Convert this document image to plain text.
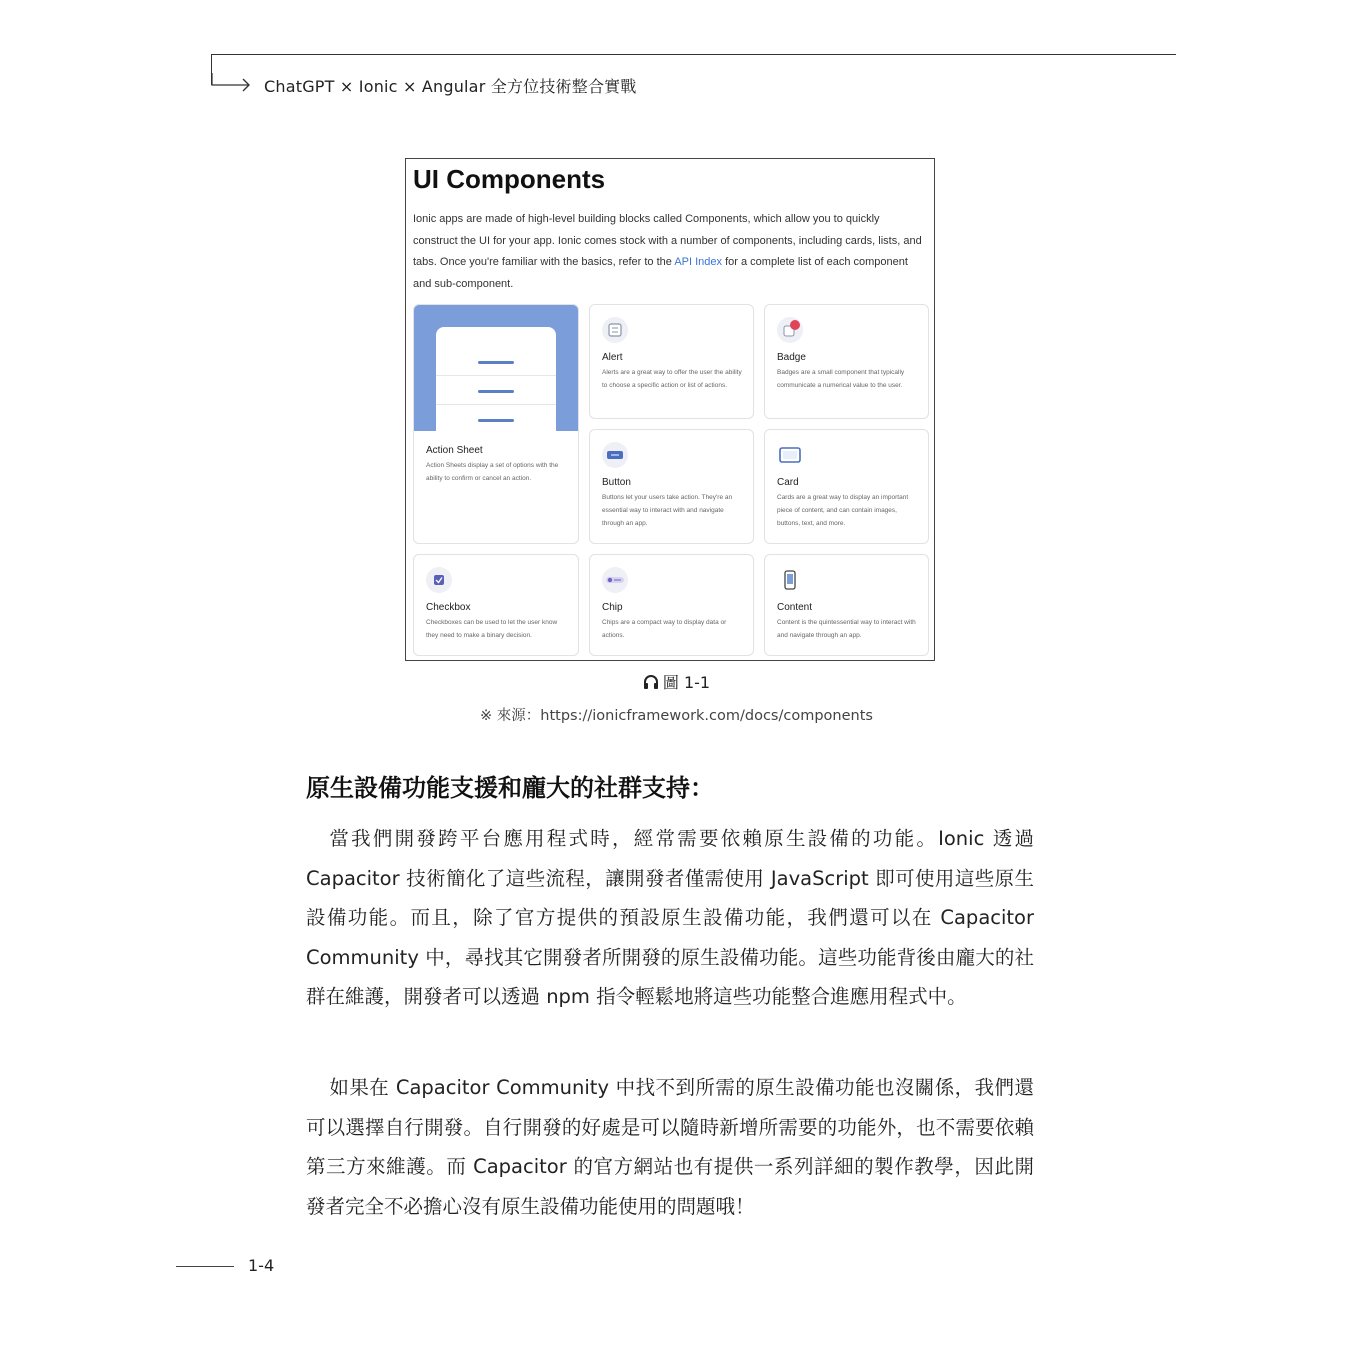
ChatGPT × Ionic × Angular 全方位技術整合實戰
UI Components
Ionic apps are made of high-level building blocks called Components, which allow you to quickly construct the UI for your app. Ionic comes stock with a number of components, including cards, lists, and tabs. Once you're familiar with the basics, refer to the API Index for a complete list of each component and sub-component.
Action Sheet
Action Sheets display a set of options with the ability to confirm or cancel an action.
Alert
Alerts are a great way to offer the user the ability to choose a specific action or list of actions.
Badge
Badges are a small component that typically communicate a numerical value to the user.
Button
Buttons let your users take action. They're an essential way to interact with and navigate through an app.
Card
Cards are a great way to display an important piece of content, and can contain images, buttons, text, and more.
Checkbox
Checkboxes can be used to let the user know they need to make a binary decision.
Chip
Chips are a compact way to display data or actions.
Content
Content is the quintessential way to interact with and navigate through an app.
圖 1-1
※ 來源：https://ionicframework.com/docs/components
原生設備功能支援和龐大的社群支持：
當我們開發跨平台應用程式時，經常需要依賴原生設備的功能。Ionic 透過 Capacitor 技術簡化了這些流程，讓開發者僅需使用 JavaScript 即可使用這些原生設備功能。而且，除了官方提供的預設原生設備功能，我們還可以在 Capacitor Community 中，尋找其它開發者所開發的原生設備功能。這些功能背後由龐大的社群在維護，開發者可以透過 npm 指令輕鬆地將這些功能整合進應用程式中。
如果在 Capacitor Community 中找不到所需的原生設備功能也沒關係，我們還可以選擇自行開發。自行開發的好處是可以隨時新增所需要的功能外，也不需要依賴第三方來維護。而 Capacitor 的官方網站也有提供一系列詳細的製作教學，因此開發者完全不必擔心沒有原生設備功能使用的問題哦！
1-4
